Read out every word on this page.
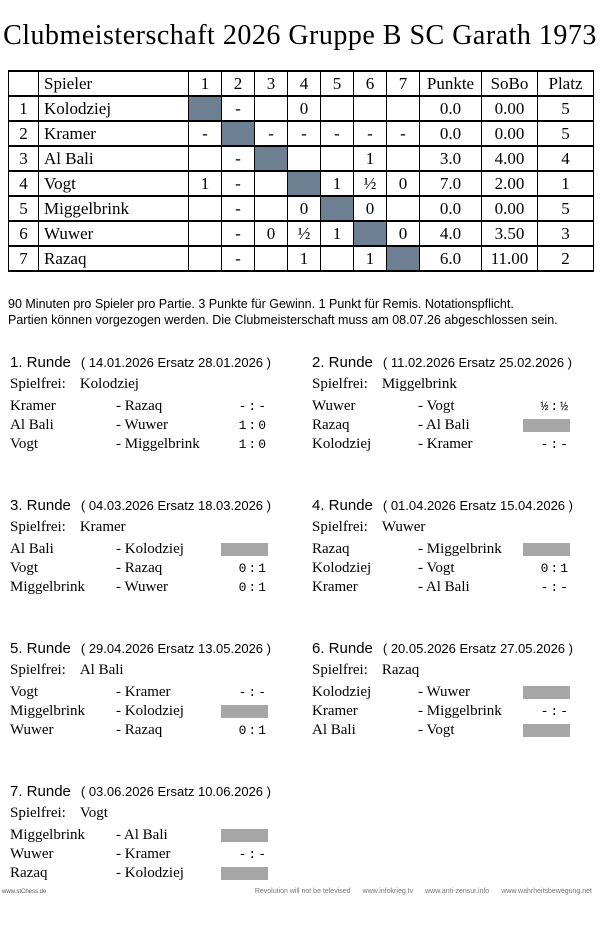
Clubmeisterschaft 2026 Gruppe B SC Garath 1973
	Spieler	1	2	3	4	5	6	7	Punkte	SoBo	Platz
1	Kolodziej		-		0				0.0	0.00	5
2	Kramer	-		-	-	-	-	-	0.0	0.00	5
3	Al Bali		-				1		3.0	4.00	4
4	Vogt	1	-			1	½	0	7.0	2.00	1
5	Miggelbrink		-		0		0		0.0	0.00	5
6	Wuwer		-	0	½	1		0	4.0	3.50	3
7	Razaq		-		1		1		6.0	11.00	2
90 Minuten pro Spieler pro Partie. 3 Punkte für Gewinn. 1 Punkt für Remis. Notationspflicht.
Partien können vorgezogen werden. Die Clubmeisterschaft muss am 08.07.26 abgeschlossen sein.
1. Runde ( 14.01.2026 Ersatz 28.01.2026 )
Spielfrei: Kolodziej
Kramer	- Razaq	-:-
Al Bali	- Wuwer	1:0
Vogt	- Miggelbrink	1:0
2. Runde ( 11.02.2026 Ersatz 25.02.2026 )
Spielfrei: Miggelbrink
Wuwer	- Vogt	½:½
Razaq	- Al Bali
Kolodziej	- Kramer	-:-
3. Runde ( 04.03.2026 Ersatz 18.03.2026 )
Spielfrei: Kramer
Al Bali	- Kolodziej
Vogt	- Razaq	0:1
Miggelbrink	- Wuwer	0:1
4. Runde ( 01.04.2026 Ersatz 15.04.2026 )
Spielfrei: Wuwer
Razaq	- Miggelbrink
Kolodziej	- Vogt	0:1
Kramer	- Al Bali	-:-
5. Runde ( 29.04.2026 Ersatz 13.05.2026 )
Spielfrei: Al Bali
Vogt	- Kramer	-:-
Miggelbrink	- Kolodziej
Wuwer	- Razaq	0:1
6. Runde ( 20.05.2026 Ersatz 27.05.2026 )
Spielfrei: Razaq
Kolodziej	- Wuwer
Kramer	- Miggelbrink	-:-
Al Bali	- Vogt
7. Runde ( 03.06.2026 Ersatz 10.06.2026 )
Spielfrei: Vogt
Miggelbrink	- Al Bali
Wuwer	- Kramer	-:-
Razaq	- Kolodziej
www.stChess.de	Revolution will not be televised www.infokrieg.tv www.anti-zensur.info www.wahrheitsbewegung.net
